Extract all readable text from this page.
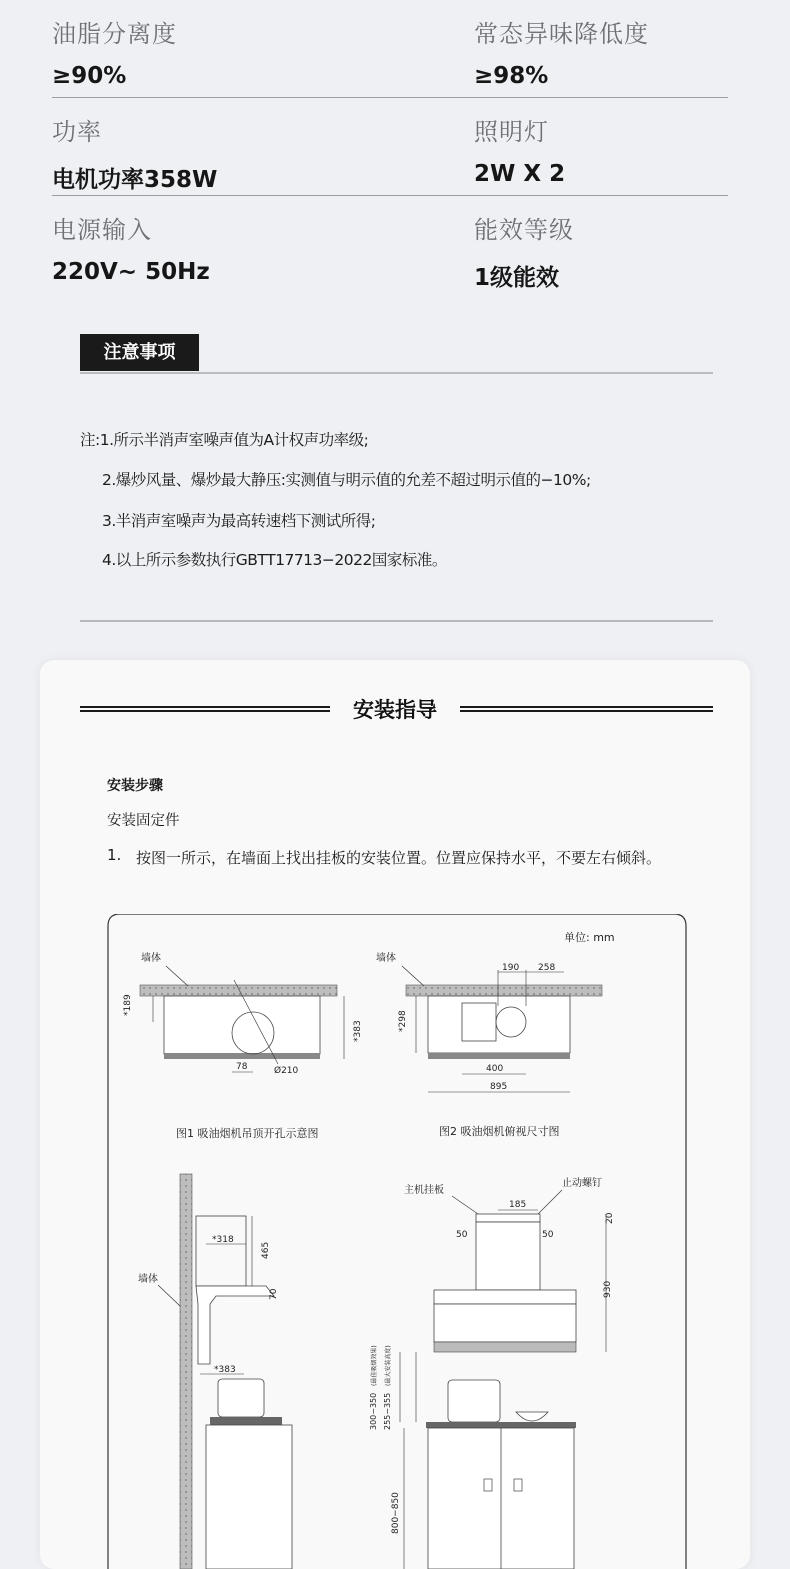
油脂分离度
≥90%
常态异味降低度
≥98%
功率
电机功率358W
照明灯
2W X 2
电源输入
220V~ 50Hz
能效等级
1级能效
注意事项
注:1.所示半消声室噪声值为A计权声功率级;
2.爆炒风量、爆炒最大静压:实测值与明示值的允差不超过明示值的−10%;
3.半消声室噪声为最高转速档下测试所得;
4.以上所示参数执行GBTT17713−2022国家标准。
安装指导
安装步骤
安装固定件
1. 按图一所示，在墙面上找出挂板的安装位置。位置应保持水平，不要左右倾斜。
单位: mm
墙体
*189
*383
78	Ø210
图1 吸油烟机吊顶开孔示意图
墙体
190 258
*298
400
895
图2 吸油烟机俯视尺寸图
墙体
*318
465
70
*383
主机挂板
止动螺钉
185
50	50
20
930
300−350
(最佳吸烟效果)
255−355
(最大安装高度)
800−850
